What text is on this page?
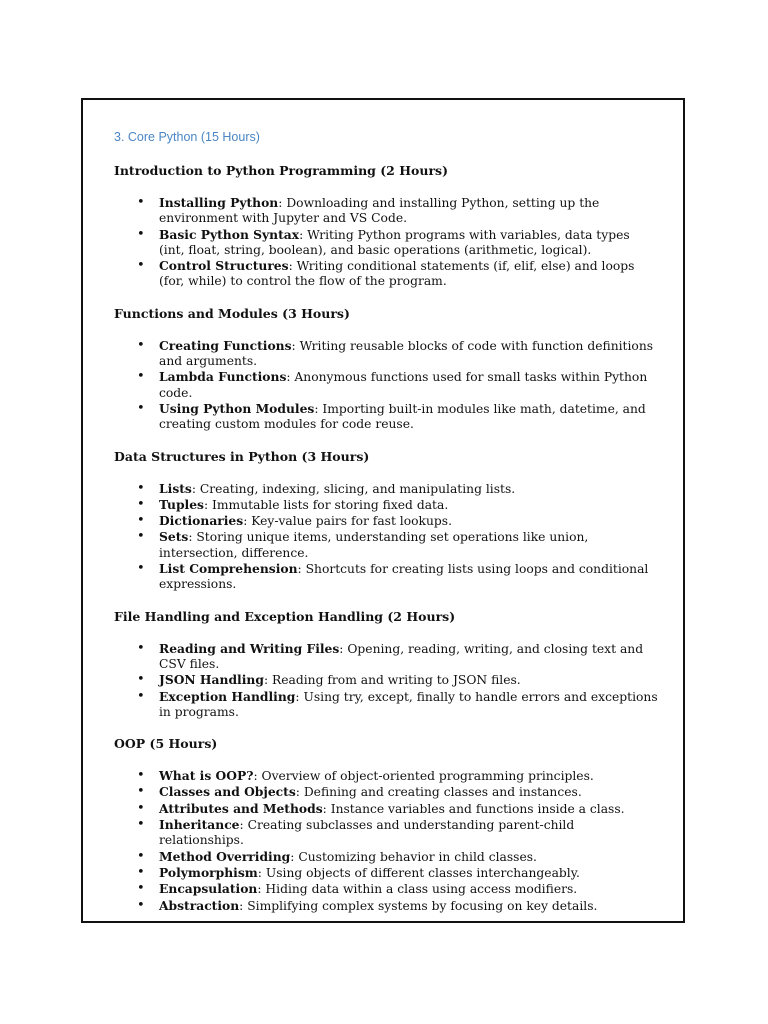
3. Core Python (15 Hours)
Introduction to Python Programming (2 Hours)
• Installing Python: Downloading and installing Python, setting up the environment with Jupyter and VS Code.
• Basic Python Syntax: Writing Python programs with variables, data types (int, float, string, boolean), and basic operations (arithmetic, logical).
• Control Structures: Writing conditional statements (if, elif, else) and loops (for, while) to control the flow of the program.
Functions and Modules (3 Hours)
• Creating Functions: Writing reusable blocks of code with function definitions and arguments.
• Lambda Functions: Anonymous functions used for small tasks within Python code.
• Using Python Modules: Importing built-in modules like math, datetime, and creating custom modules for code reuse.
Data Structures in Python (3 Hours)
• Lists: Creating, indexing, slicing, and manipulating lists.
• Tuples: Immutable lists for storing fixed data.
• Dictionaries: Key-value pairs for fast lookups.
• Sets: Storing unique items, understanding set operations like union, intersection, difference.
• List Comprehension: Shortcuts for creating lists using loops and conditional expressions.
File Handling and Exception Handling (2 Hours)
• Reading and Writing Files: Opening, reading, writing, and closing text and CSV files.
• JSON Handling: Reading from and writing to JSON files.
• Exception Handling: Using try, except, finally to handle errors and exceptions in programs.
OOP (5 Hours)
• What is OOP?: Overview of object-oriented programming principles.
• Classes and Objects: Defining and creating classes and instances.
• Attributes and Methods: Instance variables and functions inside a class.
• Inheritance: Creating subclasses and understanding parent-child relationships.
• Method Overriding: Customizing behavior in child classes.
• Polymorphism: Using objects of different classes interchangeably.
• Encapsulation: Hiding data within a class using access modifiers.
• Abstraction: Simplifying complex systems by focusing on key details.
